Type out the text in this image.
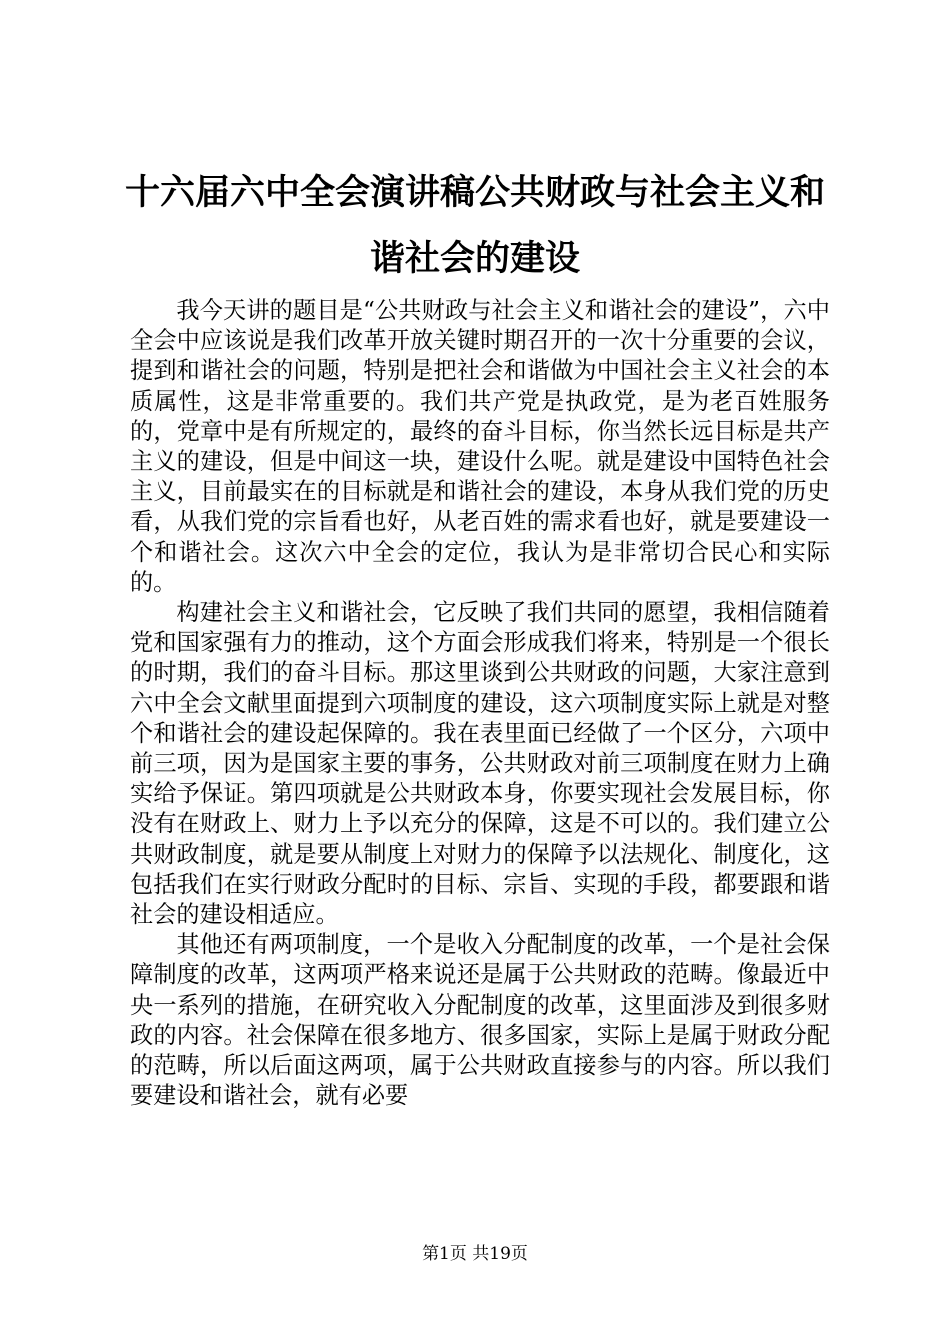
十六届六中全会演讲稿公共财政与社会主义和谐社会的建设

我今天讲的题目是“公共财政与社会主义和谐社会的建设”，六中全会中应该说是我们改革开放关键时期召开的一次十分重要的会议，提到和谐社会的问题，特别是把社会和谐做为中国社会主义社会的本质属性，这是非常重要的。我们共产党是执政党，是为老百姓服务的，党章中是有所规定的，最终的奋斗目标，你当然长远目标是共产主义的建设，但是中间这一块，建设什么呢。就是建设中国特色社会主义，目前最实在的目标就是和谐社会的建设，本身从我们党的历史看，从我们党的宗旨看也好，从老百姓的需求看也好，就是要建设一个和谐社会。这次六中全会的定位，我认为是非常切合民心和实际的。

构建社会主义和谐社会，它反映了我们共同的愿望，我相信随着党和国家强有力的推动，这个方面会形成我们将来，特别是一个很长的时期，我们的奋斗目标。那这里谈到公共财政的问题，大家注意到六中全会文献里面提到六项制度的建设，这六项制度实际上就是对整个和谐社会的建设起保障的。我在表里面已经做了一个区分，六项中前三项，因为是国家主要的事务，公共财政对前三项制度在财力上确实给予保证。第四项就是公共财政本身，你要实现社会发展目标，你没有在财政上、财力上予以充分的保障，这是不可以的。我们建立公共财政制度，就是要从制度上对财力的保障予以法规化、制度化，这包括我们在实行财政分配时的目标、宗旨、实现的手段，都要跟和谐社会的建设相适应。

其他还有两项制度，一个是收入分配制度的改革，一个是社会保障制度的改革，这两项严格来说还是属于公共财政的范畴。像最近中央一系列的措施，在研究收入分配制度的改革，这里面涉及到很多财政的内容。社会保障在很多地方、很多国家，实际上是属于财政分配的范畴，所以后面这两项，属于公共财政直接参与的内容。所以我们要建设和谐社会，就有必要

第1页 共19页
